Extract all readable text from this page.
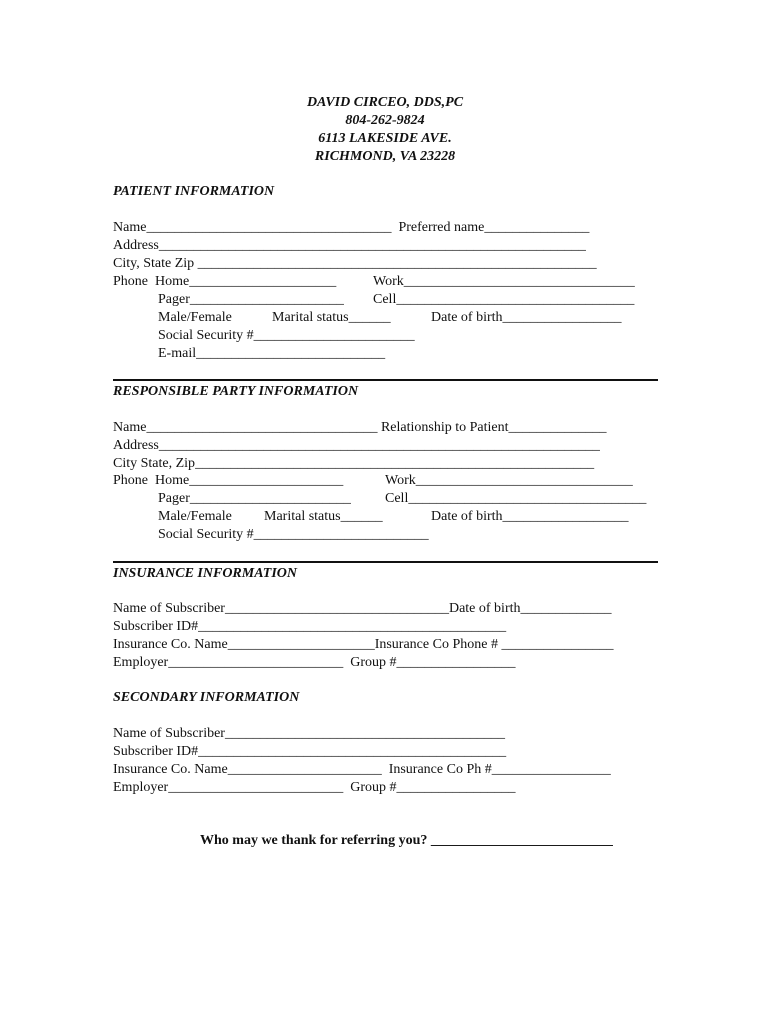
DAVID CIRCEO, DDS,PC
804-262-9824
6113 LAKESIDE AVE.
RICHMOND, VA 23228
PATIENT INFORMATION
Name___________________________________ Preferred name_______________
Address_____________________________________________________________
City, State Zip _________________________________________________________
Phone  Home_____________________	Work_________________________________
Pager______________________ Cell__________________________________
Male/Female	Marital status______	Date of birth_________________
Social Security #_______________________
E-mail___________________________
RESPONSIBLE PARTY INFORMATION
Name_________________________________ Relationship to Patient______________
Address_______________________________________________________________
City State, Zip_________________________________________________________
Phone  Home______________________	Work_______________________________
Pager_______________________ Cell__________________________________
Male/Female Marital status______	Date of birth__________________
Social Security #_________________________
INSURANCE INFORMATION
Name of Subscriber________________________________Date of birth_____________
Subscriber ID#____________________________________________
Insurance Co. Name_____________________Insurance Co Phone # ________________
Employer_________________________ Group #_________________
SECONDARY INFORMATION
Name of Subscriber________________________________________
Subscriber ID#____________________________________________
Insurance Co. Name______________________ Insurance Co Ph #_________________
Employer_________________________ Group #_________________
Who may we thank for referring you? __________________________
